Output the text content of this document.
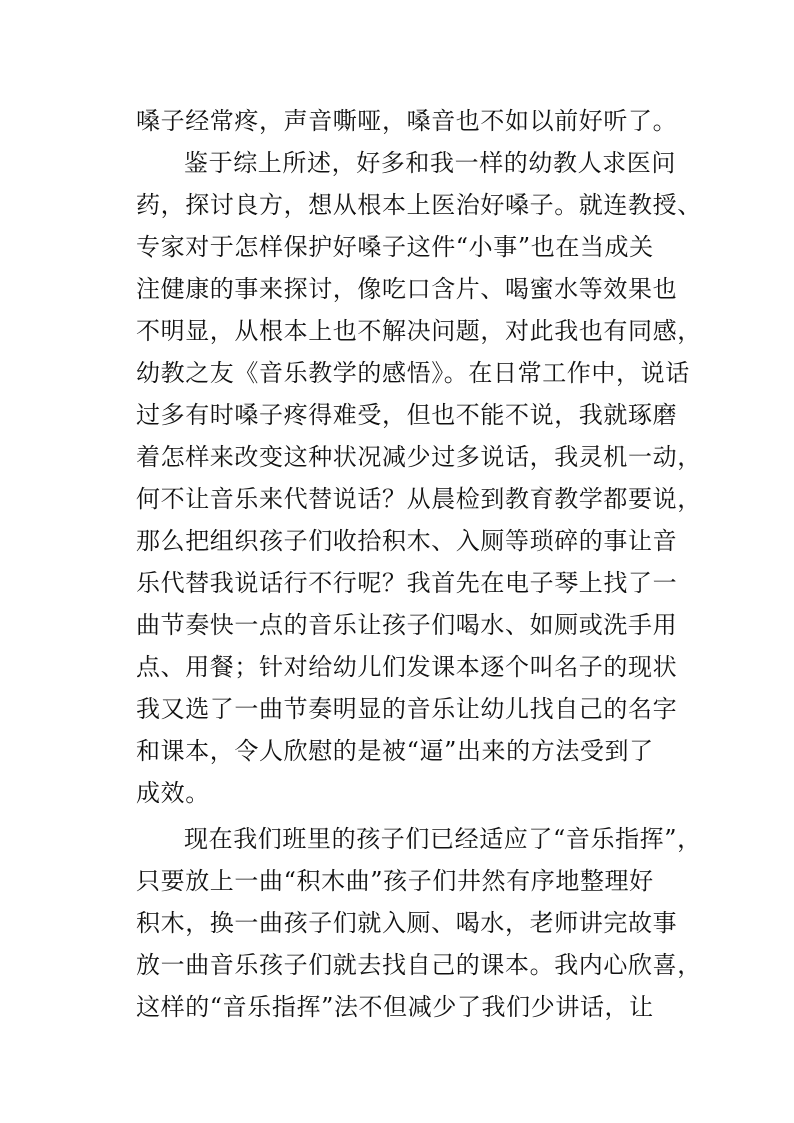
嗓子经常疼，声音嘶哑，嗓音也不如以前好听了。
鉴于综上所述，好多和我一样的幼教人求医问
药，探讨良方，想从根本上医治好嗓子。就连教授、
专家对于怎样保护好嗓子这件“小事”也在当成关
注健康的事来探讨，像吃口含片、喝蜜水等效果也
不明显，从根本上也不解决问题，对此我也有同感，
幼教之友《音乐教学的感悟》。在日常工作中，说话
过多有时嗓子疼得难受，但也不能不说，我就琢磨
着怎样来改变这种状况减少过多说话，我灵机一动，
何不让音乐来代替说话？从晨检到教育教学都要说，
那么把组织孩子们收拾积木、入厕等琐碎的事让音
乐代替我说话行不行呢？我首先在电子琴上找了一
曲节奏快一点的音乐让孩子们喝水、如厕或洗手用
点、用餐；针对给幼儿们发课本逐个叫名子的现状
我又选了一曲节奏明显的音乐让幼儿找自己的名字
和课本，令人欣慰的是被“逼”出来的方法受到了
成效。
现在我们班里的孩子们已经适应了“音乐指挥”，
只要放上一曲“积木曲”孩子们井然有序地整理好
积木，换一曲孩子们就入厕、喝水，老师讲完故事
放一曲音乐孩子们就去找自己的课本。我内心欣喜，
这样的“音乐指挥”法不但减少了我们少讲话，让
